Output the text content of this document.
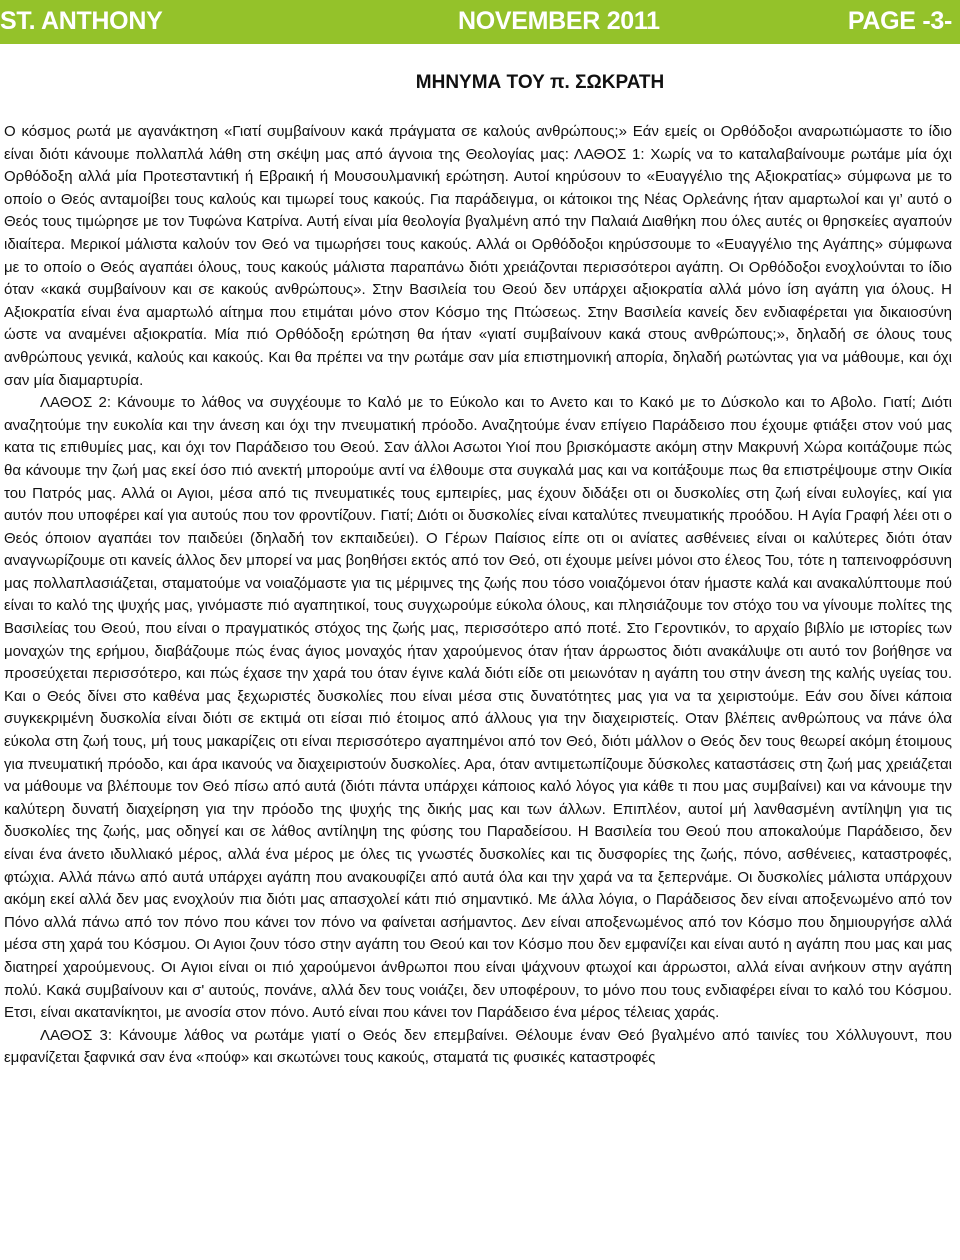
ST. ANTHONY	NOVEMBER 2011	PAGE -3-
ΜΗΝΥΜΑ ΤΟΥ π. ΣΩΚΡΑΤΗ

Ο κόσμος ρωτά με αγανάκτηση «Γιατί συμβαίνουν κακά πράγματα σε καλούς ανθρώπους;» Εάν εμείς οι Ορθόδοξοι αναρωτιώμαστε το ίδιο είναι διότι κάνουμε πολλαπλά λάθη στη σκέψη μας από άγνοια της Θεολογίας μας: ΛΑΘΟΣ 1: Χωρίς να το καταλαβαίνουμε ρωτάμε μία όχι Ορθόδοξη αλλά μία Προτεσταντική ή Εβραική ή Μουσουλμανική ερώτηση. Αυτοί κηρύσουν το «Ευαγγέλιο της Αξιοκρατίας» σύμφωνα με το οποίο ο Θεός ανταμοίβει τους καλούς και τιμωρεί τους κακούς. Για παράδειγμα, οι κάτοικοι της Νέας Ορλεάνης ήταν αμαρτωλοί και γι’ αυτό ο Θεός τους τιμώρησε με τον Τυφώνα Κατρίνα. Αυτή είναι μία θεολογία βγαλμένη από την Παλαιά Διαθήκη που όλες αυτές οι θρησκείες αγαπούν ιδιαίτερα. Μερικοί μάλιστα καλούν τον Θεό να τιμωρήσει τους κακούς. Αλλά οι Ορθόδοξοι κηρύσσουμε το «Ευαγγέλιο της Αγάπης» σύμφωνα με το οποίο ο Θεός αγαπάει όλους, τους κακούς μάλιστα παραπάνω διότι χρειάζονται περισσότεροι αγάπη. Οι Ορθόδοξοι ενοχλούνται το ίδιο όταν «κακά συμβαίνουν και σε κακούς ανθρώπους». Στην Βασιλεία του Θεού δεν υπάρχει αξιοκρατία αλλά μόνο ίση αγάπη για όλους. Η Αξιοκρατία είναι ένα αμαρτωλό αίτημα που ετιμάται μόνο στον Κόσμο της Πτώσεως. Στην Βασιλεία κανείς δεν ενδιαφέρεται για δικαιοσύνη ώστε να αναμένει αξιοκρατία. Μία πιό Ορθόδοξη ερώτηση θα ήταν «γιατί συμβαίνουν κακά στους ανθρώπους;», δηλαδή σε όλους τους ανθρώπους γενικά, καλούς και κακούς. Και θα πρέπει να την ρωτάμε σαν μία επιστημονική απορία, δηλαδή ρωτώντας για να μάθουμε, και όχι σαν μία διαμαρτυρία.

ΛΑΘΟΣ 2: Κάνουμε το λάθος να συγχέουμε το Καλό με το Εύκολο και το Ανετο και το Κακό με το Δύσκολο και το Αβολο. Γιατί; Διότι αναζητούμε την ευκολία και την άνεση και όχι την πνευματική πρόοδο. Αναζητούμε έναν επίγειο Παράδεισο που έχουμε φτιάξει στον νού μας κατα τις επιθυμίες μας, και όχι τον Παράδεισο του Θεού. Σαν άλλοι Ασωτοι Υιοί που βρισκόμαστε ακόμη στην Μακρυνή Χώρα κοιτάζουμε πώς θα κάνουμε την ζωή μας εκεί όσο πιό ανεκτή μπορούμε αντί να έλθουμε στα συγκαλά μας και να κοιτάξουμε πως θα επιστρέψουμε στην Οικία του Πατρός μας. Αλλά οι Αγιοι, μέσα από τις πνευματικές τους εμπειρίες, μας έχουν διδάξει οτι οι δυσκολίες στη ζωή είναι ευλογίες, καί για αυτόν που υποφέρει καί για αυτούς που τον φροντίζουν. Γιατί; Διότι οι δυσκολίες είναι καταλύτες πνευματικής προόδου. Η Αγία Γραφή λέει οτι ο Θεός όποιον αγαπάει τον παιδεύει (δηλαδή τον εκπαιδεύει). Ο Γέρων Παίσιος είπε οτι οι ανίατες ασθένειες είναι οι καλύτερες διότι όταν αναγνωρίζουμε οτι κανείς άλλος δεν μπορεί να μας βοηθήσει εκτός από τον Θεό, οτι έχουμε μείνει μόνοι στο έλεος Του, τότε η ταπεινοφρόσυνη μας πολλαπλασιάζεται, σταματούμε να νοιαζόμαστε για τις μέριμνες της ζωής που τόσο νοιαζόμενοι όταν ήμαστε καλά και ανακαλύπτουμε πού είναι το καλό της ψυχής μας, γινόμαστε πιό αγαπητικοί, τους συγχωρούμε εύκολα όλους, και πλησιάζουμε τον στόχο του να γίνουμε πολίτες της Βασιλείας του Θεού, που είναι ο πραγματικός στόχος της ζωής μας, περισσότερο από ποτέ. Στο Γεροντικόν, το αρχαίο βιβλίο με ιστορίες των μοναχών της ερήμου, διαβάζουμε πώς ένας άγιος μοναχός ήταν χαρούμενος όταν ήταν άρρωστος διότι ανακάλυψε οτι αυτό τον βοήθησε να προσεύχεται περισσότερο, και πώς έχασε την χαρά του όταν έγινε καλά διότι είδε οτι μειωνόταν η αγάπη του στην άνεση της καλής υγείας του. Και ο Θεός δίνει στο καθένα μας ξεχωριστές δυσκολίες που είναι μέσα στις δυνατότητες μας για να τα χειριστούμε. Εάν σου δίνει κάποια συγκεκριμένη δυσκολία είναι διότι σε εκτιμά οτι είσαι πιό έτοιμος από άλλους για την διαχειριστείς. Οταν βλέπεις ανθρώπους να πάνε όλα εύκολα στη ζωή τους, μή τους μακαρίζεις οτι είναι περισσότερο αγαπημένοι από τον Θεό, διότι μάλλον ο Θεός δεν τους θεωρεί ακόμη έτοιμους για πνευματική πρόοδο, και άρα ικανούς να διαχειριστούν δυσκολίες. Αρα, όταν αντιμετωπίζουμε δύσκολες καταστάσεις στη ζωή μας χρειάζεται να μάθουμε να βλέπουμε τον Θεό πίσω από αυτά (διότι πάντα υπάρχει κάποιος καλό λόγος για κάθε τι που μας συμβαίνει) και να κάνουμε την καλύτερη δυνατή διαχείρηση για την πρόοδο της ψυχής της δικής μας και των άλλων. Επιπλέον, αυτοί μή λανθασμένη αντίληψη για τις δυσκολίες της ζωής, μας οδηγεί και σε λάθος αντίληψη της φύσης του Παραδείσου. Η Βασιλεία του Θεού που αποκαλούμε Παράδεισο, δεν είναι ένα άνετο ιδυλλιακό μέρος, αλλά ένα μέρος με όλες τις γνωστές δυσκολίες και τις δυσφορίες της ζωής, πόνο, ασθένειες, καταστροφές, φτώχια. Αλλά πάνω από αυτά υπάρχει αγάπη που ανακουφίζει από αυτά όλα και την χαρά να τα ξεπερνάμε. Οι δυσκολίες μάλιστα υπάρχουν ακόμη εκεί αλλά δεν μας ενοχλούν πια διότι μας απασχολεί κάτι πιό σημαντικό. Με άλλα λόγια, ο Παράδεισος δεν είναι αποξενωμένο από τον Πόνο αλλά πάνω από τον πόνο που κάνει τον πόνο να φαίνεται ασήμαντος. Δεν είναι αποξενωμένος από τον Κόσμο που δημιουργήσε αλλά μέσα στη χαρά του Κόσμου. Οι Αγιοι ζουν τόσο στην αγάπη του Θεού και τον Κόσμο που δεν εμφανίζει και είναι αυτό η αγάπη που μας και μας διατηρεί χαρούμενους. Οι Αγιοι είναι οι πιό χαρούμενοι άνθρωποι που είναι ψάχνουν φτωχοί και άρρωστοι, αλλά είναι ανήκουν στην αγάπη πολύ. Κακά συμβαίνουν και σ' αυτούς, πονάνε, αλλά δεν τους νοιάζει, δεν υποφέρουν, το μόνο που τους ενδιαφέρει είναι το καλό του Κόσμου. Ετσι, είναι ακατανίκητοι, με ανοσία στον πόνο. Αυτό είναι που κάνει τον Παράδεισο ένα μέρος τέλειας χαράς.

ΛΑΘΟΣ 3: Κάνουμε λάθος να ρωτάμε γιατί ο Θεός δεν επεμβαίνει. Θέλουμε έναν Θεό βγαλμένο από ταινίες του Χόλλυγουντ, που εμφανίζεται ξαφνικά σαν ένα «πούφ» και σκωτώνει τους κακούς, σταματά τις φυσικές καταστροφές
